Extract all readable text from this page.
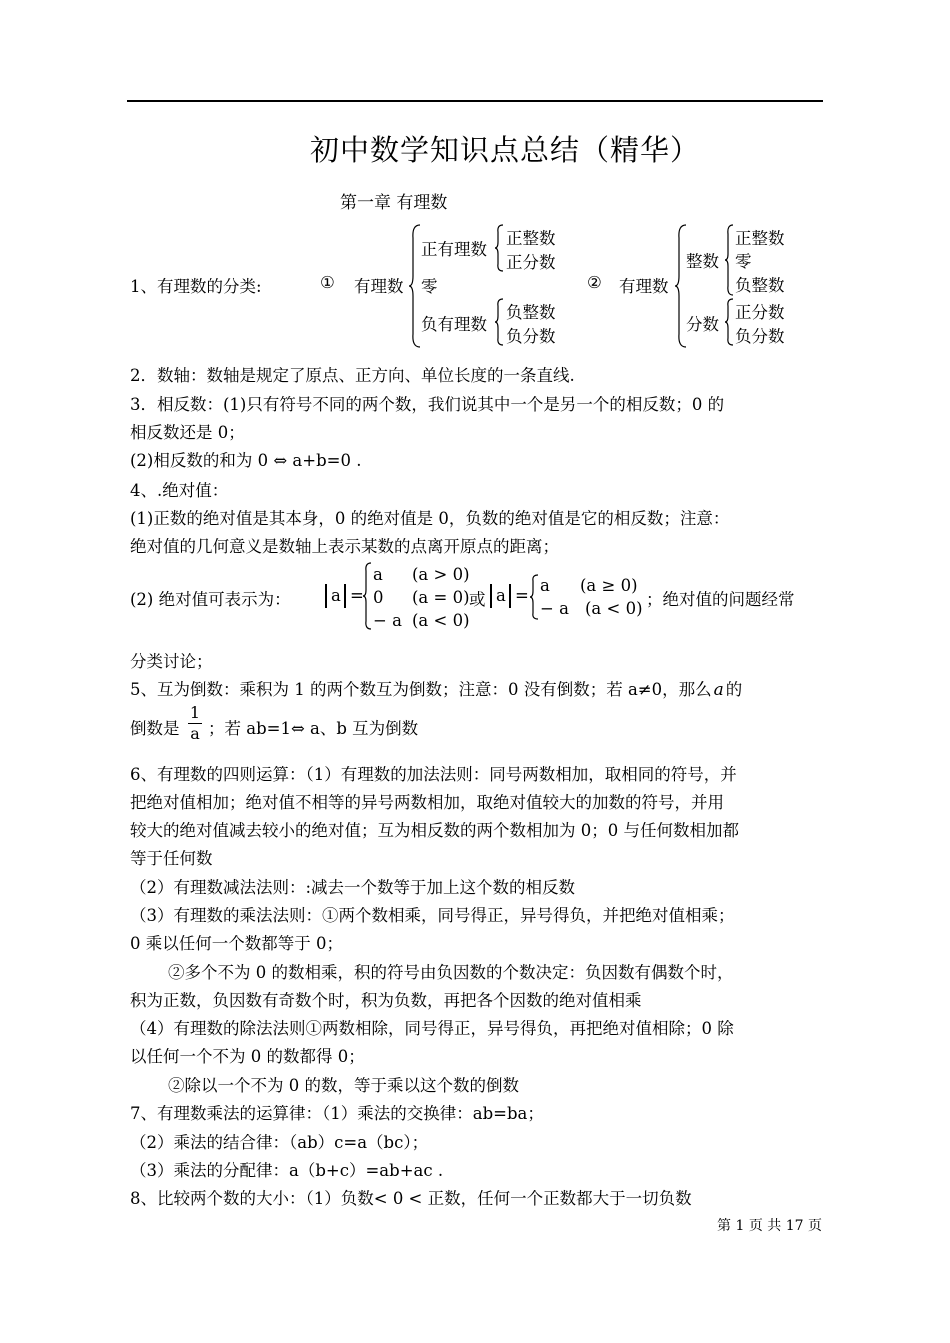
初中数学知识点总结（精华）
第一章 有理数
1、有理数的分类:	① 有理数
正有理数
正整数
正分数
零
负有理数
负整数
负分数
② 有理数
整数
正整数
零
负整数
分数
正分数
负分数
2．数轴：数轴是规定了原点、正方向、单位长度的一条直线.
3．相反数：(1)只有符号不同的两个数，我们说其中一个是另一个的相反数；0 的
相反数还是 0；
(2)相反数的和为 0 ⇔ a+b=0 .
4、.绝对值：
(1)正数的绝对值是其本身，0 的绝对值是 0，负数的绝对值是它的相反数；注意：
绝对值的几何意义是数轴上表示某数的点离开原点的距离；
(2) 绝对值可表示为： a =
a (a > 0)
0 (a = 0)
− a (a < 0)
或 a =
a (a ≥ 0)
− a (a < 0) ；绝对值的问题经常
分类讨论；
5、互为倒数：乘积为 1 的两个数互为倒数；注意：0 没有倒数；若 a≠0，那么 a 的
倒数是
1
a ；若 ab=1⇔ a、b 互为倒数
6、有理数的四则运算：（1）有理数的加法法则：同号两数相加，取相同的符号，并
把绝对值相加；绝对值不相等的异号两数相加，取绝对值较大的加数的符号，并用
较大的绝对值减去较小的绝对值；互为相反数的两个数相加为 0；0 与任何数相加都
等于任何数
（2）有理数减法法则：:减去一个数等于加上这个数的相反数
（3）有理数的乘法法则：①两个数相乘，同号得正，异号得负，并把绝对值相乘；
0 乘以任何一个数都等于 0；
②多个不为 0 的数相乘，积的符号由负因数的个数决定：负因数有偶数个时，
积为正数，负因数有奇数个时，积为负数，再把各个因数的绝对值相乘
（4）有理数的除法法则①两数相除，同号得正，异号得负，再把绝对值相除；0 除
以任何一个不为 0 的数都得 0；
②除以一个不为 0 的数，等于乘以这个数的倒数
7、有理数乘法的运算律：（1）乘法的交换律：ab=ba；
（2）乘法的结合律：（ab）c=a（bc）；
（3）乘法的分配律：a（b+c）=ab+ac .
8、比较两个数的大小：（1）负数< 0 < 正数，任何一个正数都大于一切负数
第 1 页 共 17 页
